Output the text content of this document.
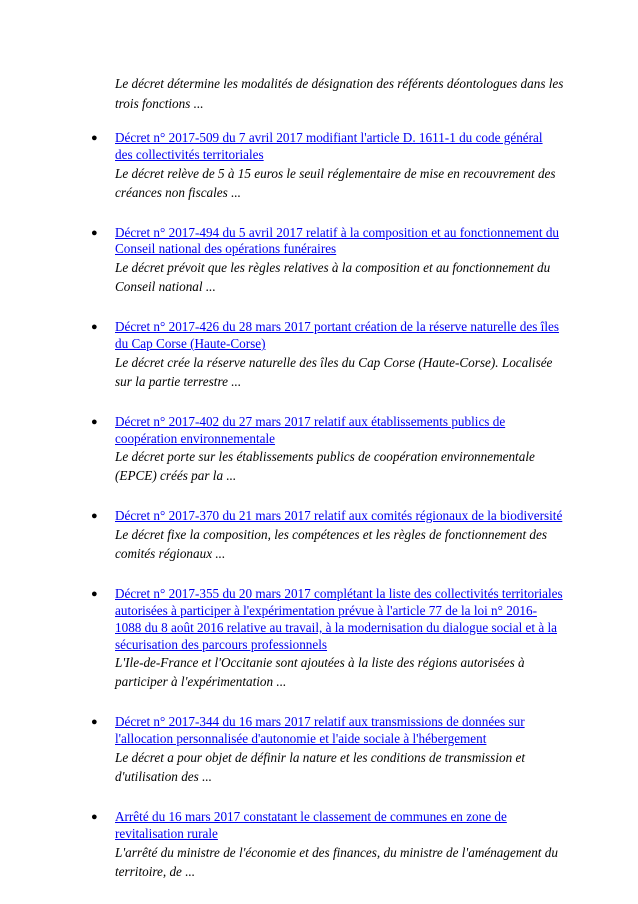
Le décret détermine les modalités de désignation des référents déontologues dans les trois fonctions ...

● Décret n° 2017-509 du 7 avril 2017 modifiant l'article D. 1611-1 du code général des collectivités territoriales
Le décret relève de 5 à 15 euros le seuil réglementaire de mise en recouvrement des créances non fiscales ...
● Décret n° 2017-494 du 5 avril 2017 relatif à la composition et au fonctionnement du Conseil national des opérations funéraires
Le décret prévoit que les règles relatives à la composition et au fonctionnement du Conseil national ...
● Décret n° 2017-426 du 28 mars 2017 portant création de la réserve naturelle des îles du Cap Corse (Haute-Corse)
Le décret crée la réserve naturelle des îles du Cap Corse (Haute-Corse). Localisée sur la partie terrestre ...
● Décret n° 2017-402 du 27 mars 2017 relatif aux établissements publics de coopération environnementale
Le décret porte sur les établissements publics de coopération environnementale (EPCE) créés par la ...
● Décret n° 2017-370 du 21 mars 2017 relatif aux comités régionaux de la biodiversité
Le décret fixe la composition, les compétences et les règles de fonctionnement des comités régionaux ...
● Décret n° 2017-355 du 20 mars 2017 complétant la liste des collectivités territoriales autorisées à participer à l'expérimentation prévue à l'article 77 de la loi n° 2016-1088 du 8 août 2016 relative au travail, à la modernisation du dialogue social et à la sécurisation des parcours professionnels
L'Ile-de-France et l'Occitanie sont ajoutées à la liste des régions autorisées à participer à l'expérimentation ...
● Décret n° 2017-344 du 16 mars 2017 relatif aux transmissions de données sur l'allocation personnalisée d'autonomie et l'aide sociale à l'hébergement
Le décret a pour objet de définir la nature et les conditions de transmission et d'utilisation des ...
● Arrêté du 16 mars 2017 constatant le classement de communes en zone de revitalisation rurale
L'arrêté du ministre de l'économie et des finances, du ministre de l'aménagement du territoire, de ...
